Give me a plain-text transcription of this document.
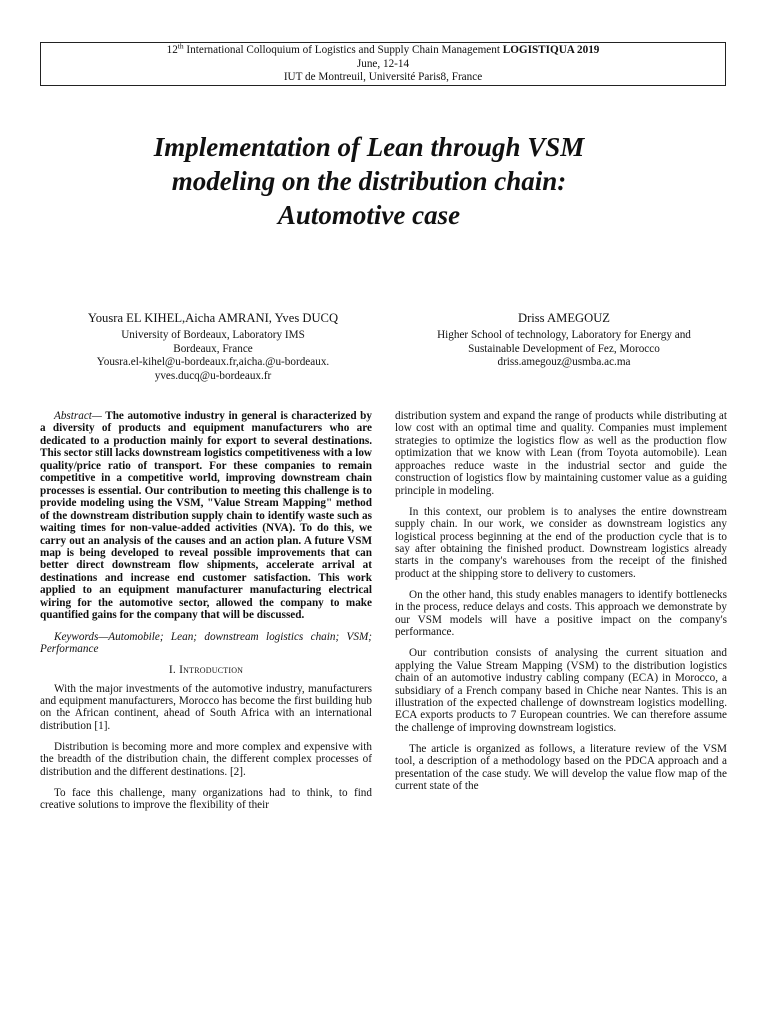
12th International Colloquium of Logistics and Supply Chain Management LOGISTIQUA 2019
June, 12-14
IUT de Montreuil, Université Paris8, France
Implementation of Lean through VSM
modeling on the distribution chain:
Automotive case
Yousra EL KIHEL,Aicha AMRANI, Yves DUCQ
University of Bordeaux, Laboratory IMS
Bordeaux, France
Yousra.el-kihel@u-bordeaux.fr,aicha.@u-bordeaux.
yves.ducq@u-bordeaux.fr
Driss AMEGOUZ
Higher School of technology, Laboratory for Energy and
Sustainable Development of Fez, Morocco
driss.amegouz@usmba.ac.ma

Abstract— The automotive industry in general is characterized by a diversity of products and equipment manufacturers who are dedicated to a production mainly for export to several destinations. This sector still lacks downstream logistics competitiveness with a low quality/price ratio of transport. For these companies to remain competitive in a competitive world, improving downstream chain processes is essential. Our contribution to meeting this challenge is to provide modeling using the VSM, "Value Stream Mapping" method of the downstream distribution supply chain to identify waste such as waiting times for non-value-added activities (NVA). To do this, we carry out an analysis of the causes and an action plan. A future VSM map is being developed to reveal possible improvements that can better direct downstream flow shipments, accelerate arrival at destinations and increase end customer satisfaction. This work applied to an equipment manufacturer manufacturing electrical wiring for the automotive sector, allowed the company to make quantified gains for the company that will be discussed.

Keywords—Automobile; Lean; downstream logistics chain; VSM; Performance

I. Introduction

With the major investments of the automotive industry, manufacturers and equipment manufacturers, Morocco has become the first building hub on the African continent, ahead of South Africa with an international distribution [1].

Distribution is becoming more and more complex and expensive with the breadth of the distribution chain, the different complex processes of distribution and the different destinations. [2].

To face this challenge, many organizations had to think, to find creative solutions to improve the flexibility of their

distribution system and expand the range of products while distributing at low cost with an optimal time and quality. Companies must implement strategies to optimize the logistics flow as well as the production flow optimization that we know with Lean (from Toyota automobile). Lean approaches reduce waste in the industrial sector and guide the construction of logistics flow by maintaining customer value as a guiding principle in modeling.

In this context, our problem is to analyses the entire downstream supply chain. In our work, we consider as downstream logistics any logistical process beginning at the end of the production cycle that is to say after obtaining the finished product. Downstream logistics already starts in the company's warehouses from the receipt of the finished product at the shipping store to delivery to customers.

On the other hand, this study enables managers to identify bottlenecks in the process, reduce delays and costs. This approach we demonstrate by our VSM models will have a positive impact on the company's performance.

Our contribution consists of analysing the current situation and applying the Value Stream Mapping (VSM) to the distribution logistics chain of an automotive industry cabling company (ECA) in Morocco, a subsidiary of a French company based in Chiche near Nantes. This is an illustration of the expected challenge of downstream logistics modelling. ECA exports products to 7 European countries. We can therefore assume the challenge of improving downstream logistics.

The article is organized as follows, a literature review of the VSM tool, a description of a methodology based on the PDCA approach and a presentation of the case study. We will develop the value flow map of the current state of the
